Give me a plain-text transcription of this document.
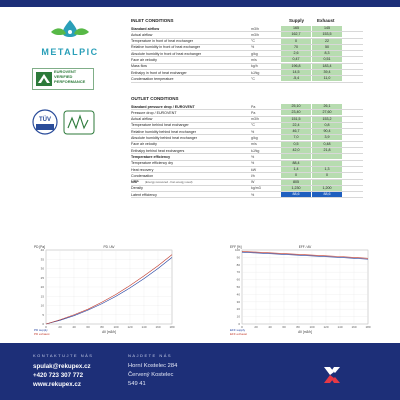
METALPIC
EUROVENT
VERIFIED
PERFORMANCE
TÜV
INLET CONDITIONS	Supply	Exhaust
Standard airflow	m3/h	165	145
Actual airflow	m3/h	162,7	153,5
Temperature in front of heat exchanger	°C	0	22
Relative humidity in front of heat exchanger	%	70	50
Absolute humidity in front of heat exchanger	g/kg	2,6	8,3
Face air velocity	m/s	0,47	0,51
Mass flow	kg/h	196,8	183,4
Enthalpy in front of heat exchanger	kJ/kg	14,5	39,4
Condensation temperature	°C	-5,4	11,0
OUTLET CONDITIONS
Standard pressure drop / EUROVENT	Pa	25,10	26,1
Pressure drop / EUROVENT	Pa	23,40	27,60
Actual airflow	m3/h	151,5	153,2
Temperature behind heat exchanger	°C	22,4	0,8
Relative humidity behind heat exchanger	%	46,7	90,4
Absolute humidity behind heat exchanger	g/kg	7,0	3,9
Face air velocity	m/s	0,5	0,48
Enthalpy behind heat exchangers	kJ/kg	42,0	21,8
Temperature efficiency	%
Temperature efficiency dry	%	88,4
Heat recovery	kW	1,4	1,3
Condensation	l/h	0	0
NRP (Energy recovered - Fan energy used)	W	805
Density	kg/m3	1,230	1,200
Latent efficiency	%	88,6	88,6
0
5
10
15
20
25
30
35
40
0	20	40	60	80	100	120	140	160	180
PD / AV
PD [Pa]
AV [m3/h]
PD supply
PD exhaust
0
10
20
30
40
50
60
70
80
90
100
0	20	40	60	80	100	120	140	160	180
EFF / AV
EFF [%]
AV [m3/h]
EFF supply
EFF exhaust
KONTAKTUJTE NÁS
spulak@rekupex.cz
+420 723 307 772
www.rekupex.cz
NAJDETE NÁS
Horní Kostelec 284
Červený Kostelec
549 41
